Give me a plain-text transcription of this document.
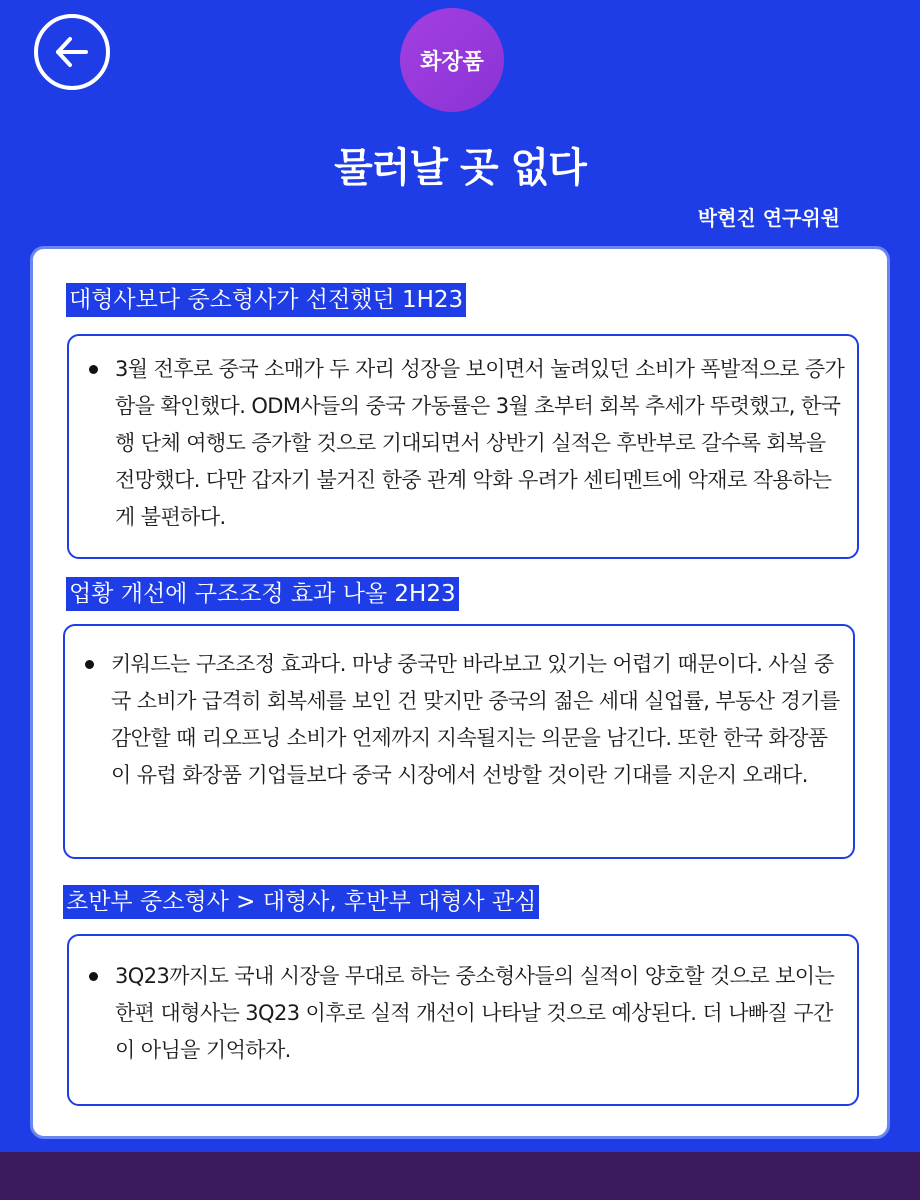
화장품
물러날 곳 없다
박현진 연구위원
대형사보다 중소형사가 선전했던 1H23
3월 전후로 중국 소매가 두 자리 성장을 보이면서 눌려있던 소비가 폭발적으로 증가함을 확인했다. ODM사들의 중국 가동률은 3월 초부터 회복 추세가 뚜렷했고, 한국행 단체 여행도 증가할 것으로 기대되면서 상반기 실적은 후반부로 갈수록 회복을 전망했다. 다만 갑자기 불거진 한중 관계 악화 우려가 센티멘트에 악재로 작용하는 게 불편하다.
업황 개선에 구조조정 효과 나올 2H23
키워드는 구조조정 효과다. 마냥 중국만 바라보고 있기는 어렵기 때문이다. 사실 중국 소비가 급격히 회복세를 보인 건 맞지만 중국의 젊은 세대 실업률, 부동산 경기를 감안할 때 리오프닝 소비가 언제까지 지속될지는 의문을 남긴다. 또한 한국 화장품이 유럽 화장품 기업들보다 중국 시장에서 선방할 것이란 기대를 지운지 오래다.
초반부 중소형사 > 대형사, 후반부 대형사 관심
3Q23까지도 국내 시장을 무대로 하는 중소형사들의 실적이 양호할 것으로 보이는 한편 대형사는 3Q23 이후로 실적 개선이 나타날 것으로 예상된다. 더 나빠질 구간이 아님을 기억하자.
